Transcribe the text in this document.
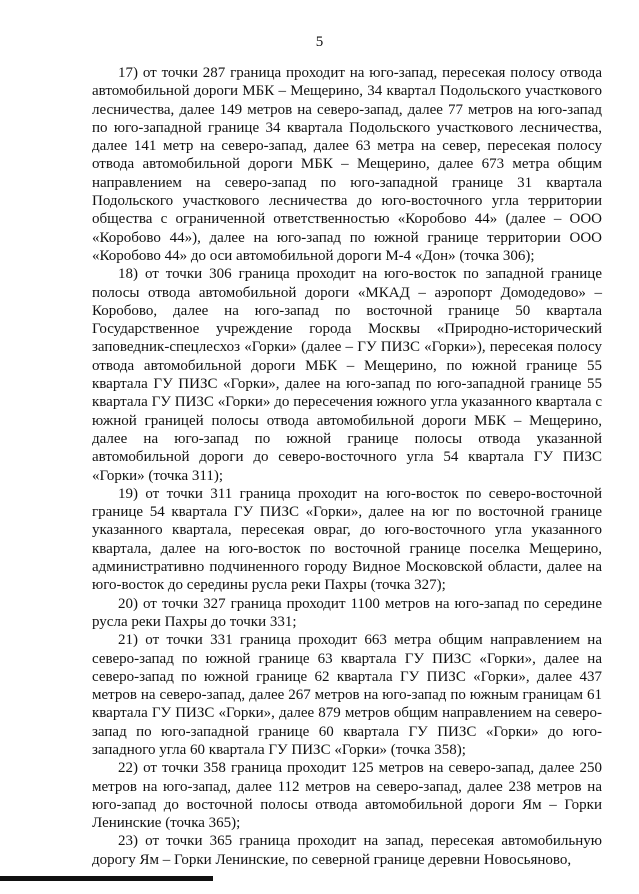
5

17) от точки 287 граница проходит на юго-запад, пересекая полосу отвода автомобильной дороги МБК – Мещерино, 34 квартал Подольского участкового лесничества, далее 149 метров на северо-запад, далее 77 метров на юго-запад по юго-западной границе 34 квартала Подольского участкового лесничества, далее 141 метр на северо-запад, далее 63 метра на север, пересекая полосу отвода автомобильной дороги МБК – Мещерино, далее 673 метра общим направлением на северо-запад по юго-западной границе 31 квартала Подольского участкового лесничества до юго-восточного угла территории общества с ограниченной ответственностью «Коробово 44» (далее – ООО «Коробово 44»), далее на юго-запад по южной границе территории ООО «Коробово 44» до оси автомобильной дороги М-4 «Дон» (точка 306);

18) от точки 306 граница проходит на юго-восток по западной границе полосы отвода автомобильной дороги «МКАД – аэропорт Домодедово» – Коробово, далее на юго-запад по восточной границе 50 квартала Государственное учреждение города Москвы «Природно-исторический заповедник-спецлесхоз «Горки» (далее – ГУ ПИЗС «Горки»), пересекая полосу отвода автомобильной дороги МБК – Мещерино, по южной границе 55 квартала ГУ ПИЗС «Горки», далее на юго-запад по юго-западной границе 55 квартала ГУ ПИЗС «Горки» до пересечения южного угла указанного квартала с южной границей полосы отвода автомобильной дороги МБК – Мещерино, далее на юго-запад по южной границе полосы отвода указанной автомобильной дороги до северо-восточного угла 54 квартала ГУ ПИЗС «Горки» (точка 311);

19) от точки 311 граница проходит на юго-восток по северо-восточной границе 54 квартала ГУ ПИЗС «Горки», далее на юг по восточной границе указанного квартала, пересекая овраг, до юго-восточного угла указанного квартала, далее на юго-восток по восточной границе поселка Мещерино, административно подчиненного городу Видное Московской области, далее на юго-восток до середины русла реки Пахры (точка 327);

20) от точки 327 граница проходит 1100 метров на юго-запад по середине русла реки Пахры до точки 331;

21) от точки 331 граница проходит 663 метра общим направлением на северо-запад по южной границе 63 квартала ГУ ПИЗС «Горки», далее на северо-запад по южной границе 62 квартала ГУ ПИЗС «Горки», далее 437 метров на северо-запад, далее 267 метров на юго-запад по южным границам 61 квартала ГУ ПИЗС «Горки», далее 879 метров общим направлением на северо-запад по юго-западной границе 60 квартала ГУ ПИЗС «Горки» до юго-западного угла 60 квартала ГУ ПИЗС «Горки» (точка 358);

22) от точки 358 граница проходит 125 метров на северо-запад, далее 250 метров на юго-запад, далее 112 метров на северо-запад, далее 238 метров на юго-запад до восточной полосы отвода автомобильной дороги Ям – Горки Ленинские (точка 365);

23) от точки 365 граница проходит на запад, пересекая автомобильную дорогу Ям – Горки Ленинские, по северной границе деревни Новосьяново,
